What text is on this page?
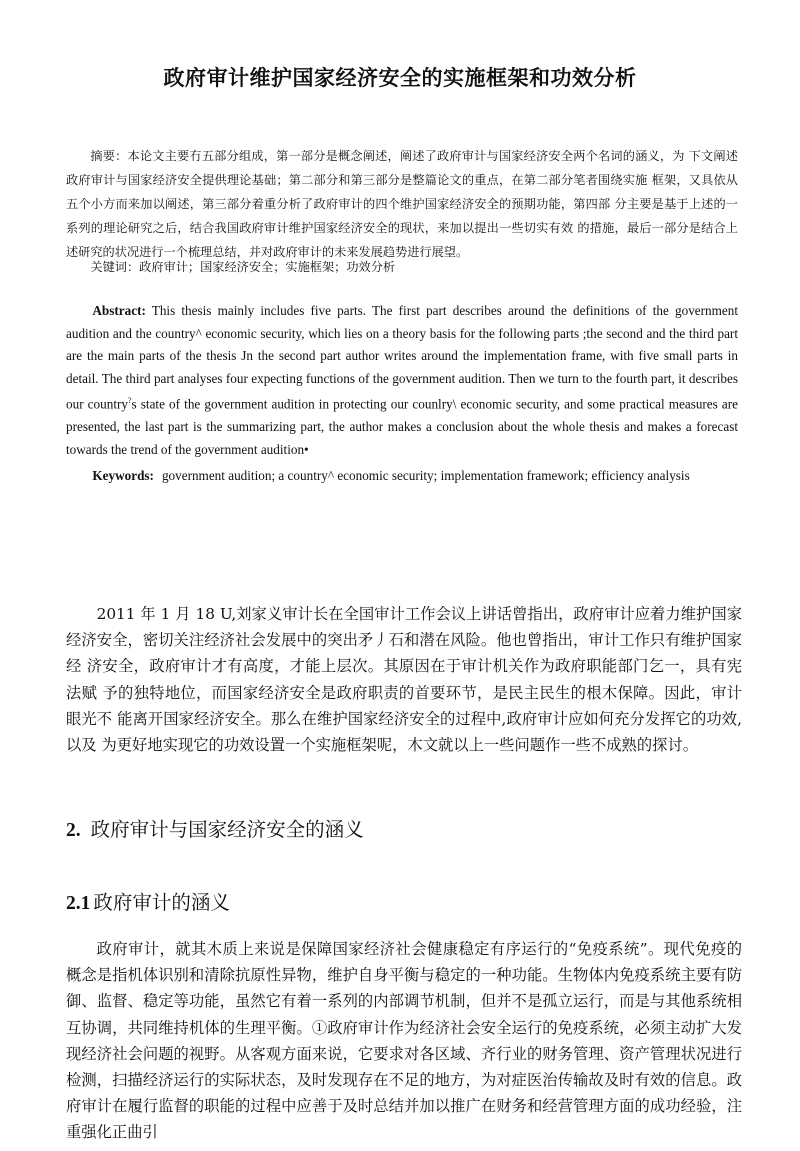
政府审计维护国家经济安全的实施框架和功效分析

摘要：本论文主要冇五部分组成，第一部分是概念阐述，阐述了政府审计与国家经济安全两个名词的涵义，为 下文阐述政府审计与国家经济安全提供理论基础；第二部分和第三部分是整篇论文的重点，在第二部分笔者围绕实施 框架，又具依从五个小方而来加以阐述，第三部分着重分析了政府审计的四个维护国家经济安全的预期功能，第四部 分主要是基于上述的一系列的理论研究之后，结合我国政府审计维护国家经济安全的现状，来加以提出一些切实有效 的措施，最后一部分是结合上述研究的状况进行一个梳理总结，并对政府审计的未来发展趋势进行展望。

关键词：政府审计；国家经济安全；实施框架；功效分析

Abstract: This thesis mainly includes five parts. The first part describes around the definitions of the government audition and the country^ economic security, which lies on a theory basis for the following parts ;the second and the third part are the main parts of the thesis Jn the second part author writes around the implementation frame, with five small parts in detail. The third part analyses four expecting functions of the government audition. Then we turn to the fourth part, it describes our country?s state of the government audition in protecting our counlry\ economic security, and some practical measures are presented, the last part is the summarizing part, the author makes a conclusion about the whole thesis and makes a forecast towards the trend of the government audition•

Keywords: government audition; a country^ economic security; implementation framework; efficiency analysis

2011 年 1 月 18 U,刘家义审计长在全国审计工作会议上讲话曾指出，政府审计应着力维护国家 经济安全，密切关注经济社会发展中的突出矛丿石和潜在风险。他也曾指出，审计工作只有维护国家经 济安全，政府审计才有高度，才能上层次。其原因在于审计机关作为政府职能部门乞一，具有宪法赋 予的独特地位，而国家经济安全是政府职责的首要环节，是民主民生的根木保障。因此，审计眼光不 能离开国家经济安全。那么在维护国家经济安全的过程中,政府审计应如何充分发挥它的功效,以及 为更好地实现它的功效设置一个实施框架呢，木文就以上一些问题作一些不成熟的探讨。

2. 政府审计与国家经济安全的涵义
2.1 政府审计的涵义

政府审计，就其木质上来说是保障国家经济社会健康稳定有序运行的“免疫系统”。现代免疫的 概念是指机体识别和清除抗原性异物，维护自身平衡与稳定的一种功能。生物体内免疫系统主要有防 御、监督、稳定等功能，虽然它有着一系列的内部调节机制，但并不是孤立运行，而是与其他系统相 互协调，共同维持机体的生理平衡。①政府审计作为经济社会安全运行的免疫系统，必须主动扩大发 现经济社会问题的视野。从客观方面来说，它要求对各区域、齐行业的财务管理、资产管理状况进行 检测，扫描经济运行的实际状态，及时发现存在不足的地方，为对症医治传输故及时有效的信息。政 府审计在履行监督的职能的过程中应善于及时总结并加以推广在财务和经营管理方面的成功经验，注 重强化正曲引
